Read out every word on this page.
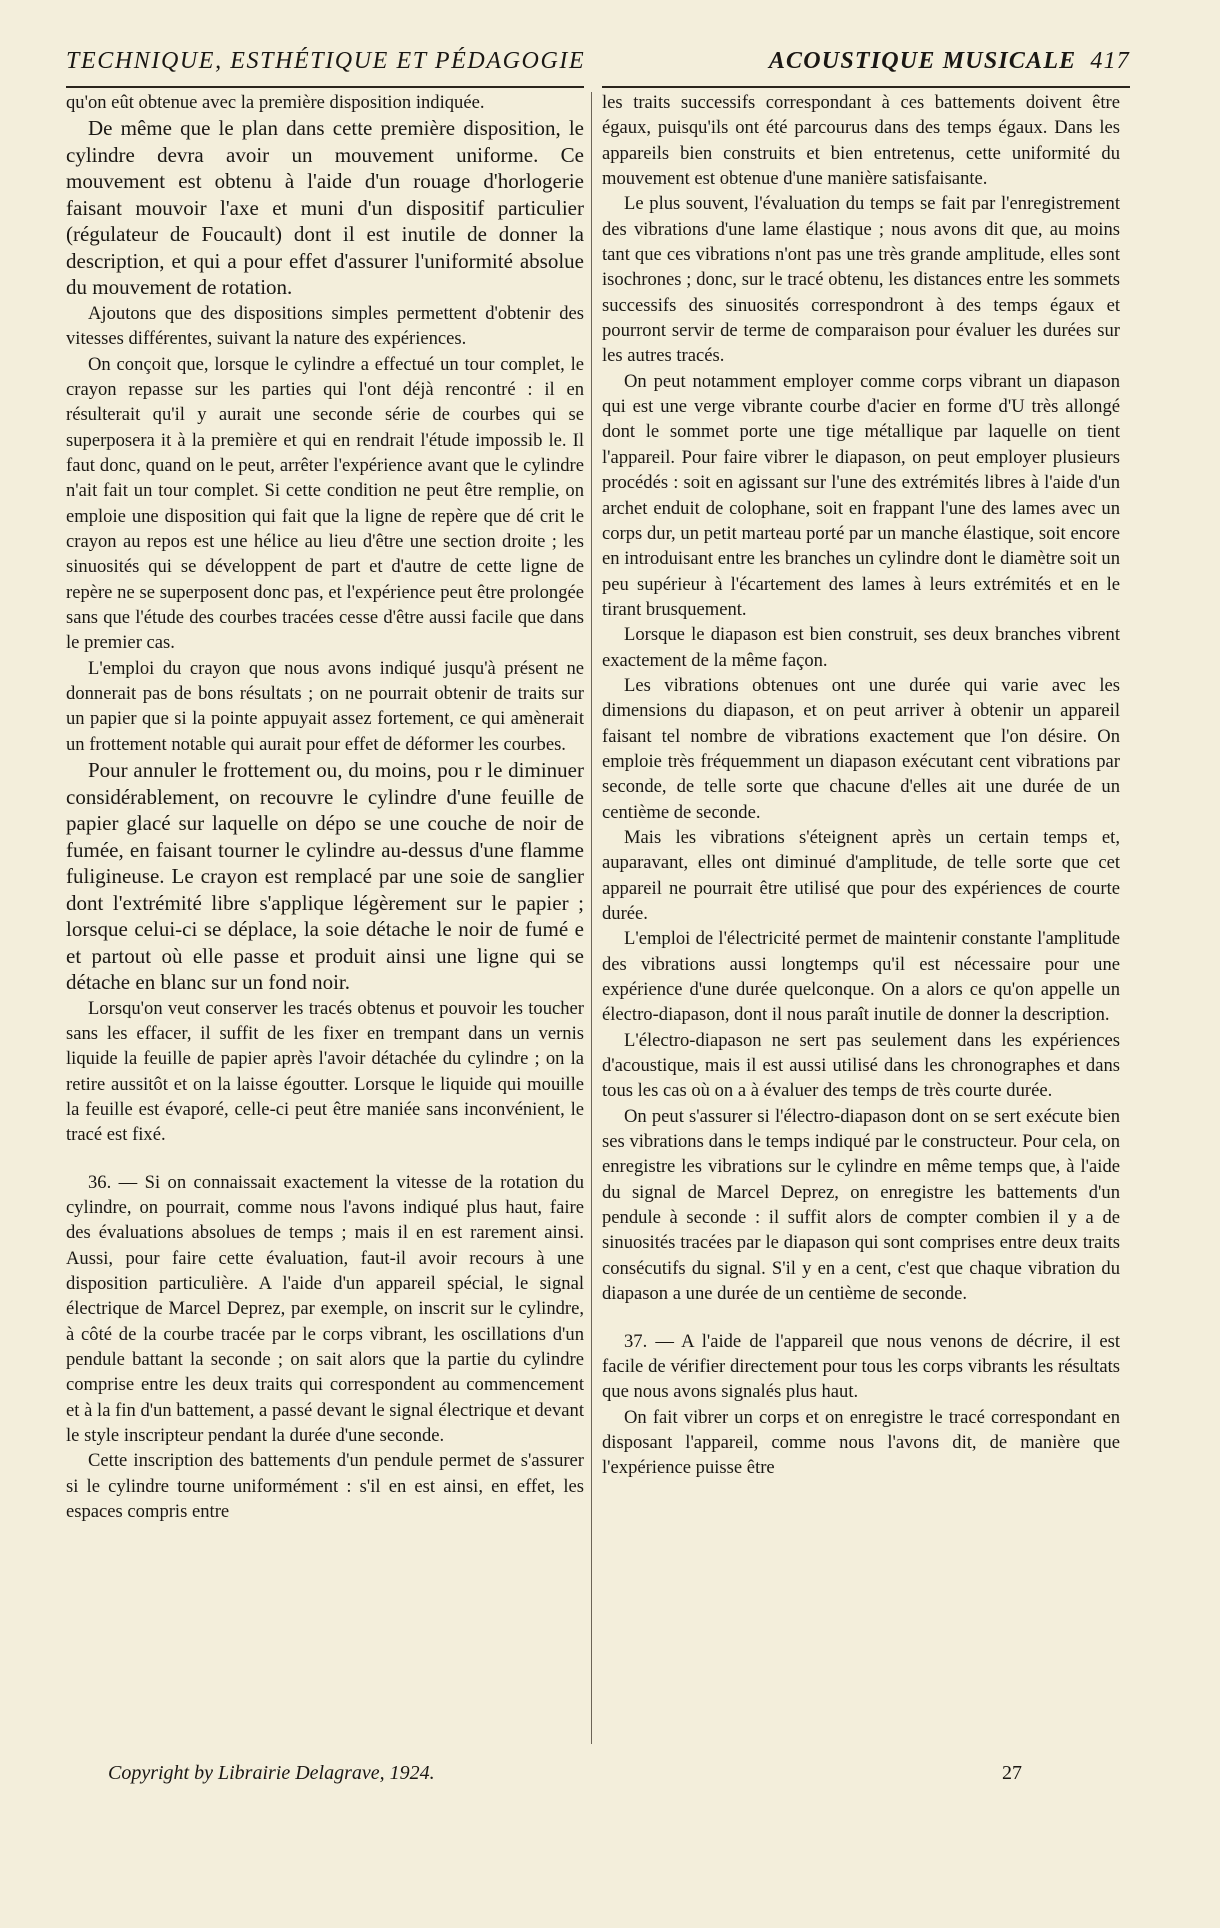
TECHNIQUE, ESTHÉTIQUE ET PÉDAGOGIE	ACOUSTIQUE MUSICALE 417

qu'on eût obtenue avec la première disposition indiquée.

De même que le plan dans cette première disposition, le cylindre devra avoir un mouvement uniforme. Ce mouvement est obtenu à l'aide d'un rouage d'horlogerie faisant mouvoir l'axe et muni d'un dispositif particulier (régulateur de Foucault) dont il est inutile de donner la description, et qui a pour effet d'assurer l'uniformité absolue du mouvement de rotation.

Ajoutons que des dispositions simples permettent d'obtenir des vitesses différentes, suivant la nature des expériences.

On conçoit que, lorsque le cylindre a effectué un tour complet, le crayon repasse sur les parties qui l'ont déjà rencontré : il en résulterait qu'il y aurait une seconde série de courbes qui se superposera it à la première et qui en rendrait l'étude impossib le. Il faut donc, quand on le peut, arrêter l'expérience avant que le cylindre n'ait fait un tour complet. Si cette condition ne peut être remplie, on emploie une disposition qui fait que la ligne de repère que dé crit le crayon au repos est une hélice au lieu d'être une section droite ; les sinuosités qui se développent de part et d'autre de cette ligne de repère ne se superposent donc pas, et l'expérience peut être prolongée sans que l'étude des courbes tracées cesse d'être aussi facile que dans le premier cas.

L'emploi du crayon que nous avons indiqué jusqu'à présent ne donnerait pas de bons résultats ; on ne pourrait obtenir de traits sur un papier que si la pointe appuyait assez fortement, ce qui amènerait un frottement notable qui aurait pour effet de déformer les courbes.

Pour annuler le frottement ou, du moins, pou r le diminuer considérablement, on recouvre le cylindre d'une feuille de papier glacé sur laquelle on dépo se une couche de noir de fumée, en faisant tourner le cylindre au-dessus d'une flamme fuligineuse. Le crayon est remplacé par une soie de sanglier dont l'extrémité libre s'applique légèrement sur le papier ; lorsque celui-ci se déplace, la soie détache le noir de fumé e et partout où elle passe et produit ainsi une ligne qui se détache en blanc sur un fond noir.

Lorsqu'on veut conserver les tracés obtenus et pouvoir les toucher sans les effacer, il suffit de les fixer en trempant dans un vernis liquide la feuille de papier après l'avoir détachée du cylindre ; on la retire aussitôt et on la laisse égoutter. Lorsque le liquide qui mouille la feuille est évaporé, celle-ci peut être maniée sans inconvénient, le tracé est fixé.

36. — Si on connaissait exactement la vitesse de la rotation du cylindre, on pourrait, comme nous l'avons indiqué plus haut, faire des évaluations absolues de temps ; mais il en est rarement ainsi. Aussi, pour faire cette évaluation, faut-il avoir recours à une disposition particulière. A l'aide d'un appareil spécial, le signal électrique de Marcel Deprez, par exemple, on inscrit sur le cylindre, à côté de la courbe tracée par le corps vibrant, les oscillations d'un pendule battant la seconde ; on sait alors que la partie du cylindre comprise entre les deux traits qui correspondent au commencement et à la fin d'un battement, a passé devant le signal électrique et devant le style inscripteur pendant la durée d'une seconde.

Cette inscription des battements d'un pendule permet de s'assurer si le cylindre tourne uniformément : s'il en est ainsi, en effet, les espaces compris entre

les traits successifs correspondant à ces battements doivent être égaux, puisqu'ils ont été parcourus dans des temps égaux. Dans les appareils bien construits et bien entretenus, cette uniformité du mouvement est obtenue d'une manière satisfaisante.

Le plus souvent, l'évaluation du temps se fait par l'enregistrement des vibrations d'une lame élastique ; nous avons dit que, au moins tant que ces vibrations n'ont pas une très grande amplitude, elles sont isochrones ; donc, sur le tracé obtenu, les distances entre les sommets successifs des sinuosités correspondront à des temps égaux et pourront servir de terme de comparaison pour évaluer les durées sur les autres tracés.

On peut notamment employer comme corps vibrant un diapason qui est une verge vibrante courbe d'acier en forme d'U très allongé dont le sommet porte une tige métallique par laquelle on tient l'appareil. Pour faire vibrer le diapason, on peut employer plusieurs procédés : soit en agissant sur l'une des extrémités libres à l'aide d'un archet enduit de colophane, soit en frappant l'une des lames avec un corps dur, un petit marteau porté par un manche élastique, soit encore en introduisant entre les branches un cylindre dont le diamètre soit un peu supérieur à l'écartement des lames à leurs extrémités et en le tirant brusquement.

Lorsque le diapason est bien construit, ses deux branches vibrent exactement de la même façon.

Les vibrations obtenues ont une durée qui varie avec les dimensions du diapason, et on peut arriver à obtenir un appareil faisant tel nombre de vibrations exactement que l'on désire. On emploie très fréquemment un diapason exécutant cent vibrations par seconde, de telle sorte que chacune d'elles ait une durée de un centième de seconde.

Mais les vibrations s'éteignent après un certain temps et, auparavant, elles ont diminué d'amplitude, de telle sorte que cet appareil ne pourrait être utilisé que pour des expériences de courte durée.

L'emploi de l'électricité permet de maintenir constante l'amplitude des vibrations aussi longtemps qu'il est nécessaire pour une expérience d'une durée quelconque. On a alors ce qu'on appelle un électro-diapason, dont il nous paraît inutile de donner la description.

L'électro-diapason ne sert pas seulement dans les expériences d'acoustique, mais il est aussi utilisé dans les chronographes et dans tous les cas où on a à évaluer des temps de très courte durée.

On peut s'assurer si l'électro-diapason dont on se sert exécute bien ses vibrations dans le temps indiqué par le constructeur. Pour cela, on enregistre les vibrations sur le cylindre en même temps que, à l'aide du signal de Marcel Deprez, on enregistre les battements d'un pendule à seconde : il suffit alors de compter combien il y a de sinuosités tracées par le diapason qui sont comprises entre deux traits consécutifs du signal. S'il y en a cent, c'est que chaque vibration du diapason a une durée de un centième de seconde.

37. — A l'aide de l'appareil que nous venons de décrire, il est facile de vérifier directement pour tous les corps vibrants les résultats que nous avons signalés plus haut.

On fait vibrer un corps et on enregistre le tracé correspondant en disposant l'appareil, comme nous l'avons dit, de manière que l'expérience puisse être

Copyright by Librairie Delagrave, 1924.	27
